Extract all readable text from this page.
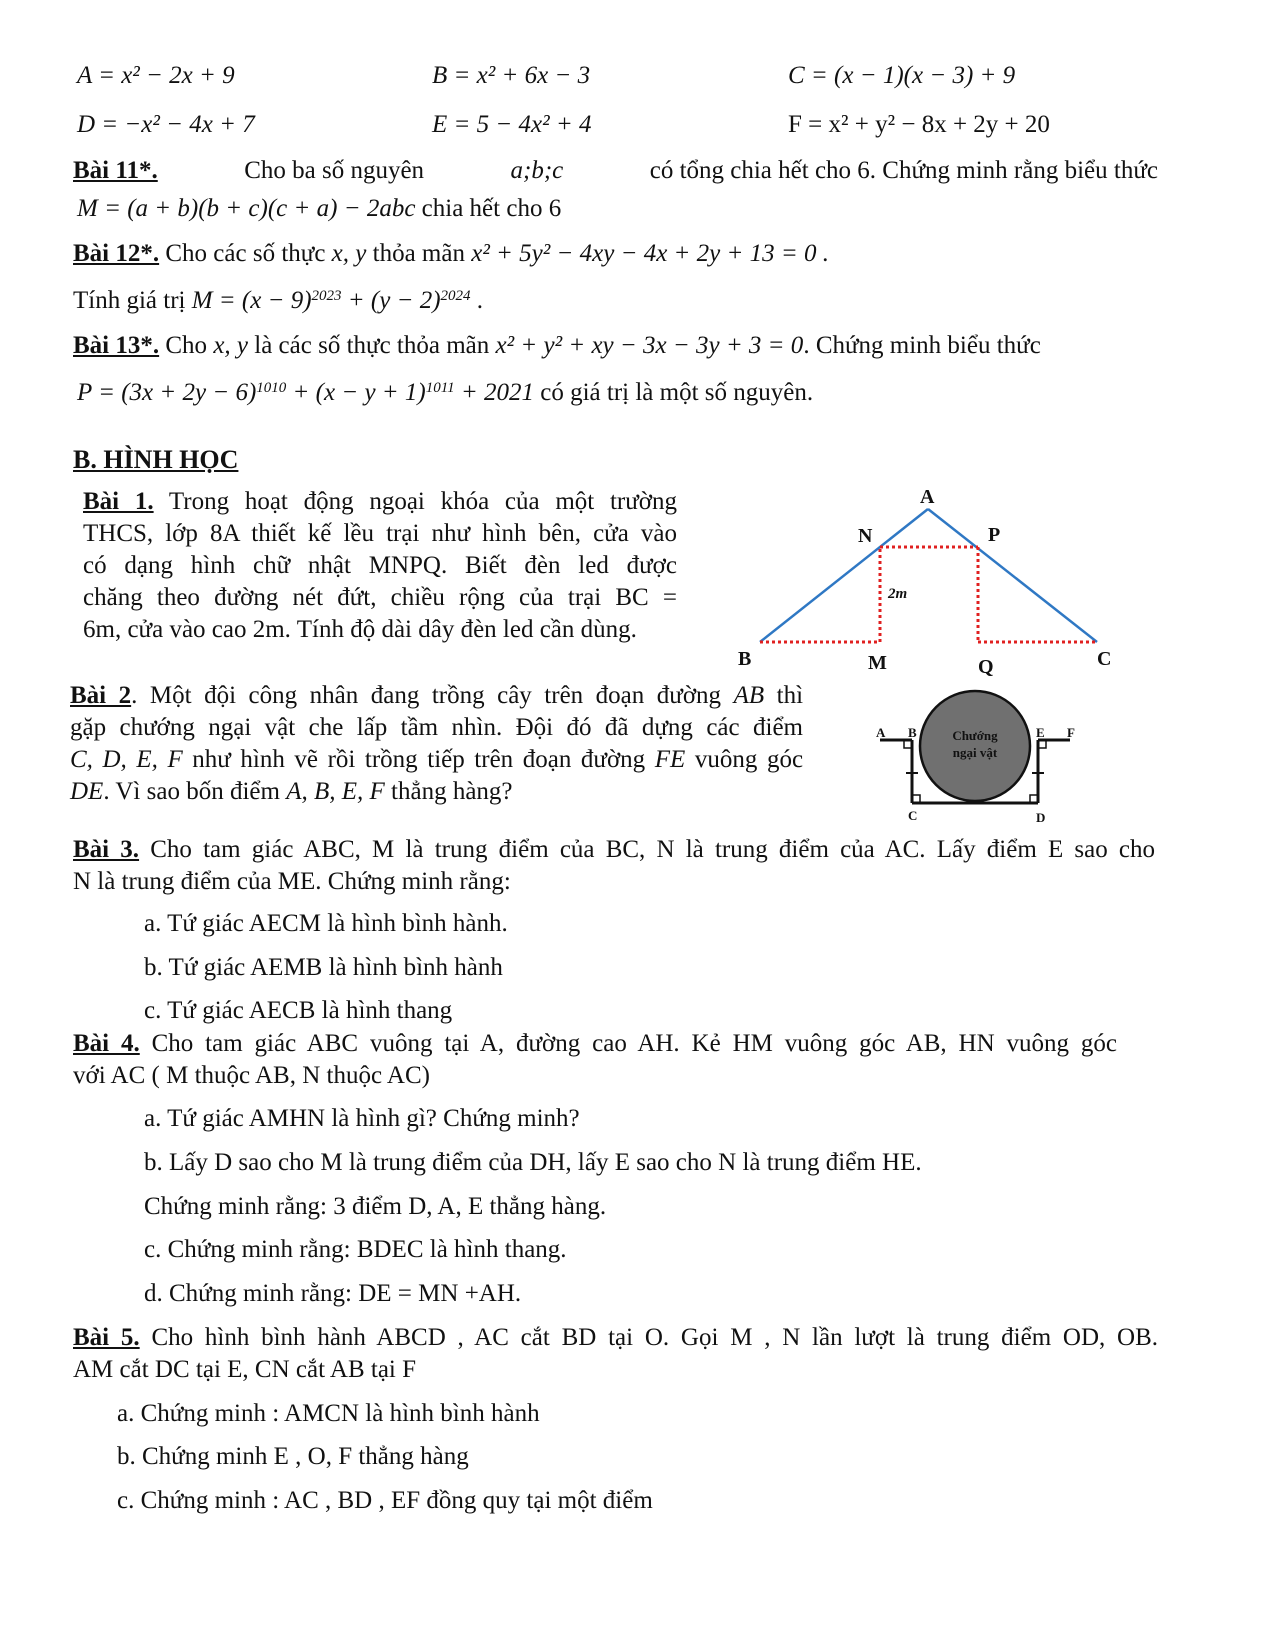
A = x² − 2x + 9	B = x² + 6x − 3	C = (x − 1)(x − 3) + 9
D = −x² − 4x + 7	E = 5 − 4x² + 4	F = x² + y² − 8x + 2y + 20
Bài 11*.	Cho ba số nguyên	a;b;c	có tổng chia hết cho 6. Chứng minh rằng biểu thức
M = (a + b)(b + c)(c + a) − 2abc chia hết cho 6
Bài 12*. Cho các số thực x, y thỏa mãn x² + 5y² − 4xy − 4x + 2y + 13 = 0 .
Tính giá trị $M = (x - 9)^{2023} + (y - 2)^{2024}$ .
Bài 13*. Cho x, y là các số thực thỏa mãn x² + y² + xy − 3x − 3y + 3 = 0. Chứng minh biểu thức
$P = (3x + 2y - 6)^{1010} + (x - y + 1)^{1011} + 2021$ có giá trị là một số nguyên.
B. HÌNH HỌC
Bài 1. Trong hoạt động ngoại khóa của một trường
THCS, lớp 8A thiết kế lều trại như hình bên, cửa vào
có dạng hình chữ nhật MNPQ. Biết đèn led được
chăng theo đường nét đứt, chiều rộng của trại BC =
6m, cửa vào cao 2m. Tính độ dài dây đèn led cần dùng.
A
N	P
B	M	Q	C
2m
Bài 2. Một đội công nhân đang trồng cây trên đoạn đường AB thì
gặp chướng ngại vật che lấp tầm nhìn. Đội đó đã dựng các điểm
C, D, E, F như hình vẽ rồi trồng tiếp trên đoạn đường FE vuông góc
DE. Vì sao bốn điểm A, B, E, F thẳng hàng?
Chướng
ngại vật
A B	E F
C	D
Bài 3. Cho tam giác ABC, M là trung điểm của BC, N là trung điểm của AC. Lấy điểm E sao cho
N là trung điểm của ME. Chứng minh rằng:
a. Tứ giác AECM là hình bình hành.
b. Tứ giác AEMB là hình bình hành
c. Tứ giác AECB là hình thang
Bài 4. Cho tam giác ABC vuông tại A, đường cao AH. Kẻ HM vuông góc AB, HN vuông góc
với AC ( M thuộc AB, N thuộc AC)
a. Tứ giác AMHN là hình gì? Chứng minh?
b. Lấy D sao cho M là trung điểm của DH, lấy E sao cho N là trung điểm HE.
Chứng minh rằng: 3 điểm D, A, E thẳng hàng.
c. Chứng minh rằng: BDEC là hình thang.
d. Chứng minh rằng: DE = MN +AH.
Bài 5. Cho hình bình hành ABCD , AC cắt BD tại O. Gọi M , N lần lượt là trung điểm OD, OB.
AM cắt DC tại E, CN cắt AB tại F
a. Chứng minh : AMCN là hình bình hành
b. Chứng minh E , O, F thẳng hàng
c. Chứng minh : AC , BD , EF đồng quy tại một điểm
